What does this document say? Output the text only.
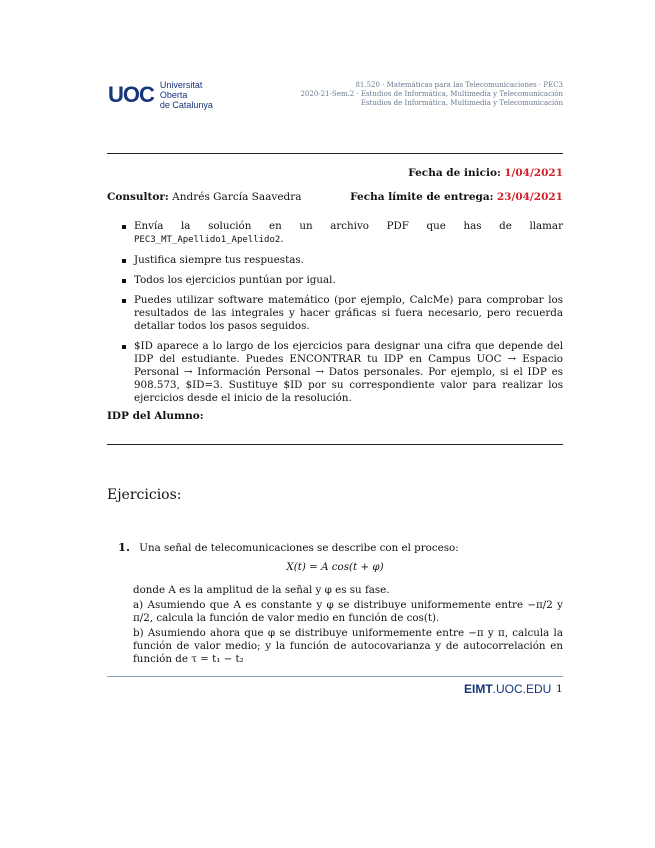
UOC Universitat Oberta
de Catalunya
81.520 · Matemáticas para las Telecomunicaciones · PEC3
2020-21-Sem.2 · Estudios de Informática, Multimedia y Telecomunicación
Estudios de Informática, Multimedia y Telecomunicación
Fecha de inicio: 1/04/2021
Consultor: Andrés García Saavedra	Fecha límite de entrega: 23/04/2021
Envía la solución en un archivo PDF que has de llamar PEC3_MT_Apellido1_Apellido2.
Justifica siempre tus respuestas.
Todos los ejercicios puntúan por igual.
Puedes utilizar software matemático (por ejemplo, CalcMe) para comprobar los resultados de las integrales y hacer gráficas si fuera necesario, pero recuerda detallar todos los pasos seguidos.
$ID aparece a lo largo de los ejercicios para designar una cifra que depende del IDP del estudiante. Puedes ENCONTRAR tu IDP en Campus UOC → Espacio Personal → Información Personal → Datos personales. Por ejemplo, si el IDP es 908.573, $ID=3. Sustituye $ID por su correspondiente valor para realizar los ejercicios desde el inicio de la resolución.
IDP del Alumno:
Ejercicios:
1. Una señal de telecomunicaciones se describe con el proceso:
X(t) = A cos(t + φ)

donde A es la amplitud de la señal y φ es su fase.

a) Asumiendo que A es constante y φ se distribuye uniformemente entre −π/2 y π/2, calcula la función de valor medio en función de cos(t).

b) Asumiendo ahora que φ se distribuye uniformemente entre −π y π, calcula la función de valor medio; y la función de autocovarianza y de autocorrelación en función de τ = t₁ − t₂

EIMT.UOC.EDU 1
